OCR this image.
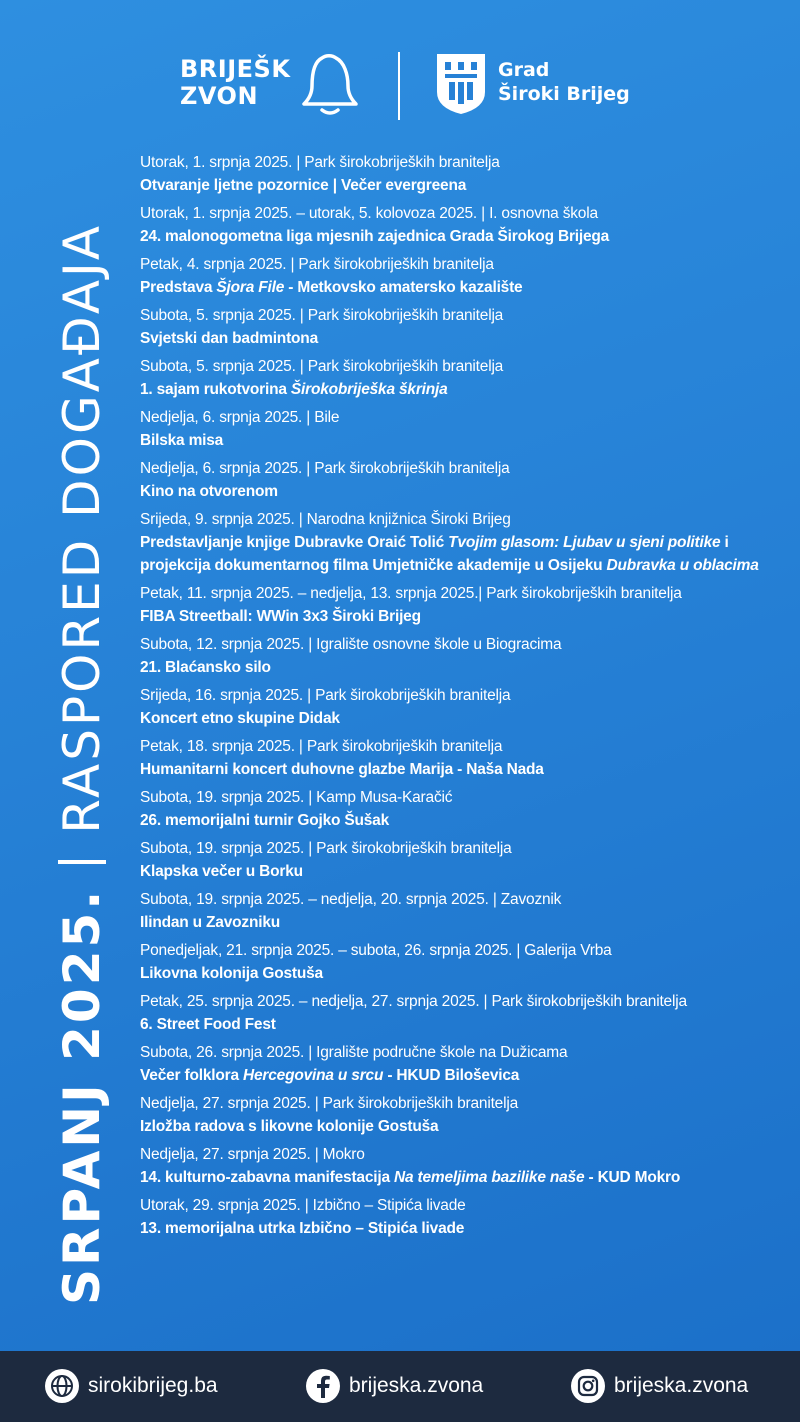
BRIJEŠK
ZVON
Grad
Široki Brijeg
SRPANJ 2025.
RASPORED DOGAĐAJA
Utorak, 1. srpnja 2025. | Park širokobrijeških branitelja
Otvaranje ljetne pozornice | Večer evergreena
Utorak, 1. srpnja 2025. – utorak, 5. kolovoza 2025. | I. osnovna škola
24. malonogometna liga mjesnih zajednica Grada Širokog Brijega
Petak, 4. srpnja 2025. | Park širokobrijeških branitelja
Predstava Šjora File - Metkovsko amatersko kazalište
Subota, 5. srpnja 2025. | Park širokobrijeških branitelja
Svjetski dan badmintona
Subota, 5. srpnja 2025. | Park širokobrijeških branitelja
1. sajam rukotvorina Širokobriješka škrinja
Nedjelja, 6. srpnja 2025. | Bile
Bilska misa
Nedjelja, 6. srpnja 2025. | Park širokobrijeških branitelja
Kino na otvorenom
Srijeda, 9. srpnja 2025. | Narodna knjižnica Široki Brijeg
Predstavljanje knjige Dubravke Oraić Tolić Tvojim glasom: Ljubav u sjeni politike i projekcija dokumentarnog filma Umjetničke akademije u Osijeku Dubravka u oblacima
Petak, 11. srpnja 2025. – nedjelja, 13. srpnja 2025.| Park širokobrijeških branitelja
FIBA Streetball: WWin 3x3 Široki Brijeg
Subota, 12. srpnja 2025. | Igralište osnovne škole u Biogracima
21. Blaćansko silo
Srijeda, 16. srpnja 2025. | Park širokobrijeških branitelja
Koncert etno skupine Didak
Petak, 18. srpnja 2025. | Park širokobrijeških branitelja
Humanitarni koncert duhovne glazbe Marija - Naša Nada
Subota, 19. srpnja 2025. | Kamp Musa-Karačić
26. memorijalni turnir Gojko Šušak
Subota, 19. srpnja 2025. | Park širokobrijeških branitelja
Klapska večer u Borku
Subota, 19. srpnja 2025. – nedjelja, 20. srpnja 2025. | Zavoznik
Ilindan u Zavozniku
Ponedjeljak, 21. srpnja 2025. – subota, 26. srpnja 2025. | Galerija Vrba
Likovna kolonija Gostuša
Petak, 25. srpnja 2025. – nedjelja, 27. srpnja 2025. | Park širokobrijeških branitelja
6. Street Food Fest
Subota, 26. srpnja 2025. | Igralište područne škole na Dužicama
Večer folklora Hercegovina u srcu - HKUD Biloševica
Nedjelja, 27. srpnja 2025. | Park širokobrijeških branitelja
Izložba radova s likovne kolonije Gostuša
Nedjelja, 27. srpnja 2025. | Mokro
14. kulturno-zabavna manifestacija Na temeljima bazilike naše - KUD Mokro
Utorak, 29. srpnja 2025. | Izbično – Stipića livade
13. memorijalna utrka Izbično – Stipića livade
sirokibrijeg.ba	brijeska.zvona	brijeska.zvona
